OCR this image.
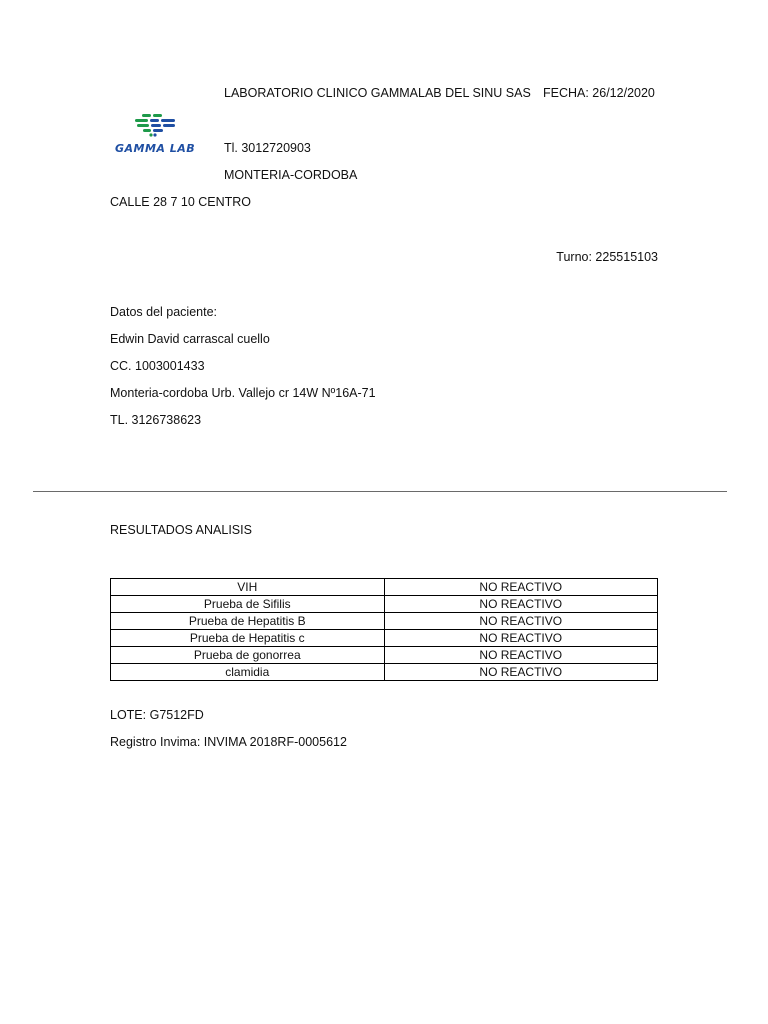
LABORATORIO CLINICO GAMMALAB DEL SINU SAS FECHA: 26/12/2020
GAMMA LAB Tl. 3012720903
MONTERIA-CORDOBA
CALLE 28 7 10 CENTRO
Turno: 225515103
Datos del paciente:
Edwin David carrascal cuello
CC. 1003001433
Monteria-cordoba Urb. Vallejo cr 14W Nº16A-71
TL. 3126738623
RESULTADOS ANALISIS
VIH	NO REACTIVO
Prueba de Sifilis	NO REACTIVO
Prueba de Hepatitis B	NO REACTIVO
Prueba de Hepatitis c	NO REACTIVO
Prueba de gonorrea	NO REACTIVO
clamidia	NO REACTIVO
LOTE: G7512FD
Registro Invima: INVIMA 2018RF-0005612
